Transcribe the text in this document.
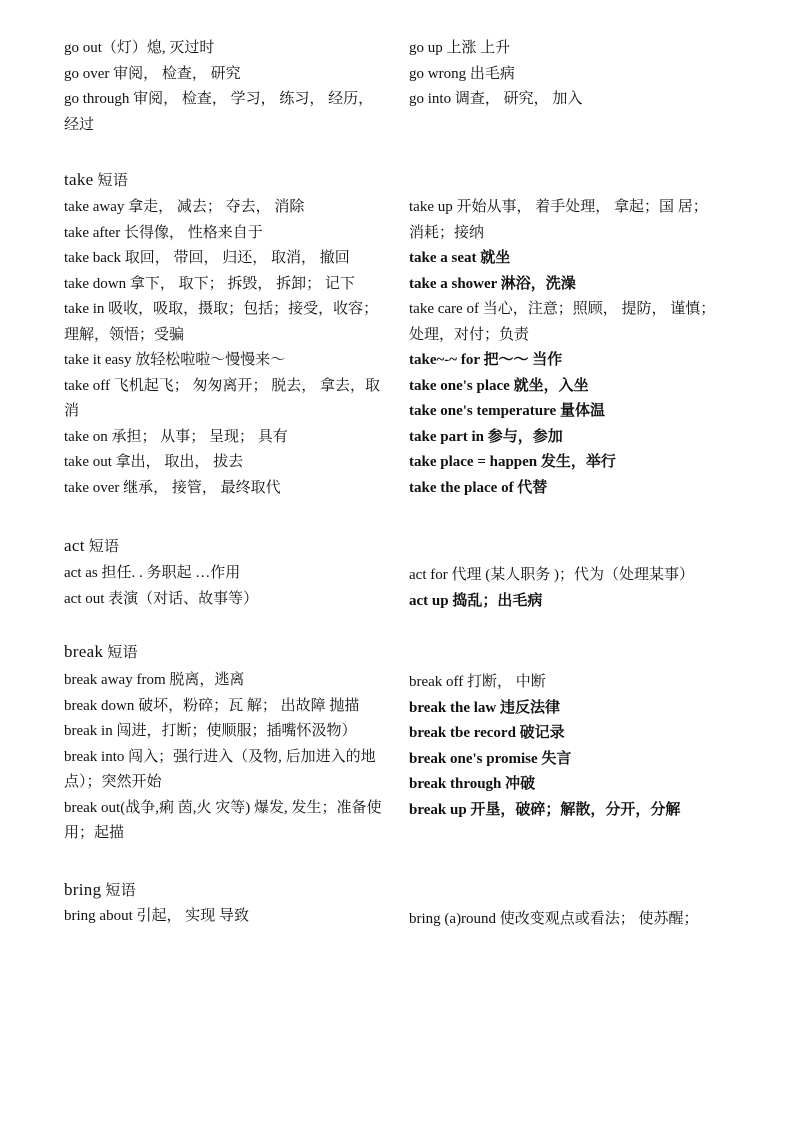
go out（灯）熄, 灭过时

go over 审阅， 检查， 研究

go through 审阅， 检查， 学习， 练习， 经历，经过

go up 上涨 上升

go wrong 出毛病

go into 调查， 研究， 加入

take 短语

take away 拿走， 减去； 夺去， 消除

take after 长得像， 性格来自于

take back 取回， 带回， 归还， 取消， 撤回

take down 拿下， 取下； 拆毁， 拆卸； 记下

take in 吸收，吸取，摄取；包括；接受，收容；理解，领悟；受骗

take it easy 放轻松啦啦～慢慢来～

take off 飞机起飞； 匆匆离开； 脱去， 拿去，取消

take on 承担； 从事； 呈现； 具有

take out 拿出， 取出， 拔去

take over 继承， 接管， 最终取代

take up 开始从事， 着手处理， 拿起；国 居； 消耗；接纳

take a seat 就坐

take a shower 淋浴，洗澡

take care of 当心，注意；照顾， 提防， 谨慎；处理，对付；负责

take~-~ for 把～～ 当作

take one's place 就坐，入坐

take one's temperature 量体温

take part in 参与，参加

take place = happen 发生，举行

take the place of 代替

act 短语

act as 担任. . 务职起 …作用

act out 表演（对话、故事等）

act for 代理 (某人职务 )；代为（处理某事）

act up 捣乱；出毛病

break 短语

break away from 脱离，逃离

break down 破坏，粉碎；瓦 解； 出故障 抛描

break in 闯进，打断；使顺服；插嘴怀汲物）

break into 闯入；强行进入（及物, 后加进入的地点）；突然开始

break out(战争,痢 茵,火 灾等) 爆发, 发生；准备使用；起描

break off 打断， 中断

break the law 违反法律

break tbe record 破记录

break one's promise 失言

break through 冲破

break up 开垦，破碎；解散，分开，分解

bring 短语

bring about 引起， 实现 导致	bring (a)round 使改变观点或看法； 使苏醒；
